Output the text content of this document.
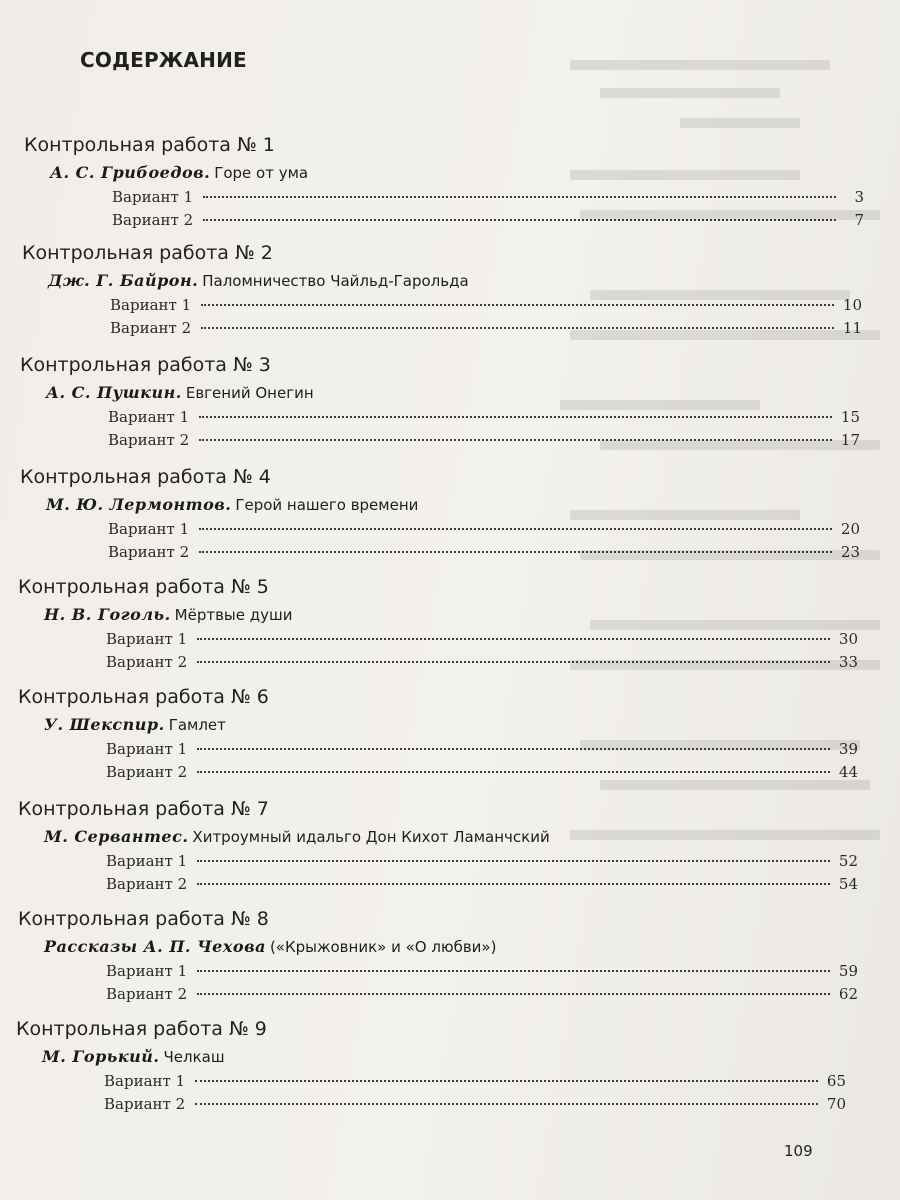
СОДЕРЖАНИЕ
Контрольная работа № 1
А. С. Грибоедов. Горе от ума
Вариант 1	3
Вариант 2	7
Контрольная работа № 2
Дж. Г. Байрон. Паломничество Чайльд-Гарольда
Вариант 1	10
Вариант 2	11
Контрольная работа № 3
А. С. Пушкин. Евгений Онегин
Вариант 1	15
Вариант 2	17
Контрольная работа № 4
М. Ю. Лермонтов. Герой нашего времени
Вариант 1	20
Вариант 2	23
Контрольная работа № 5
Н. В. Гоголь. Мёртвые души
Вариант 1	30
Вариант 2	33
Контрольная работа № 6
У. Шекспир. Гамлет
Вариант 1	39
Вариант 2	44
Контрольная работа № 7
М. Сервантес. Хитроумный идальго Дон Кихот Ламанчский
Вариант 1	52
Вариант 2	54
Контрольная работа № 8
Рассказы А. П. Чехова («Крыжовник» и «О любви»)
Вариант 1	59
Вариант 2	62
Контрольная работа № 9
М. Горький. Челкаш
Вариант 1	65
Вариант 2	70
109
